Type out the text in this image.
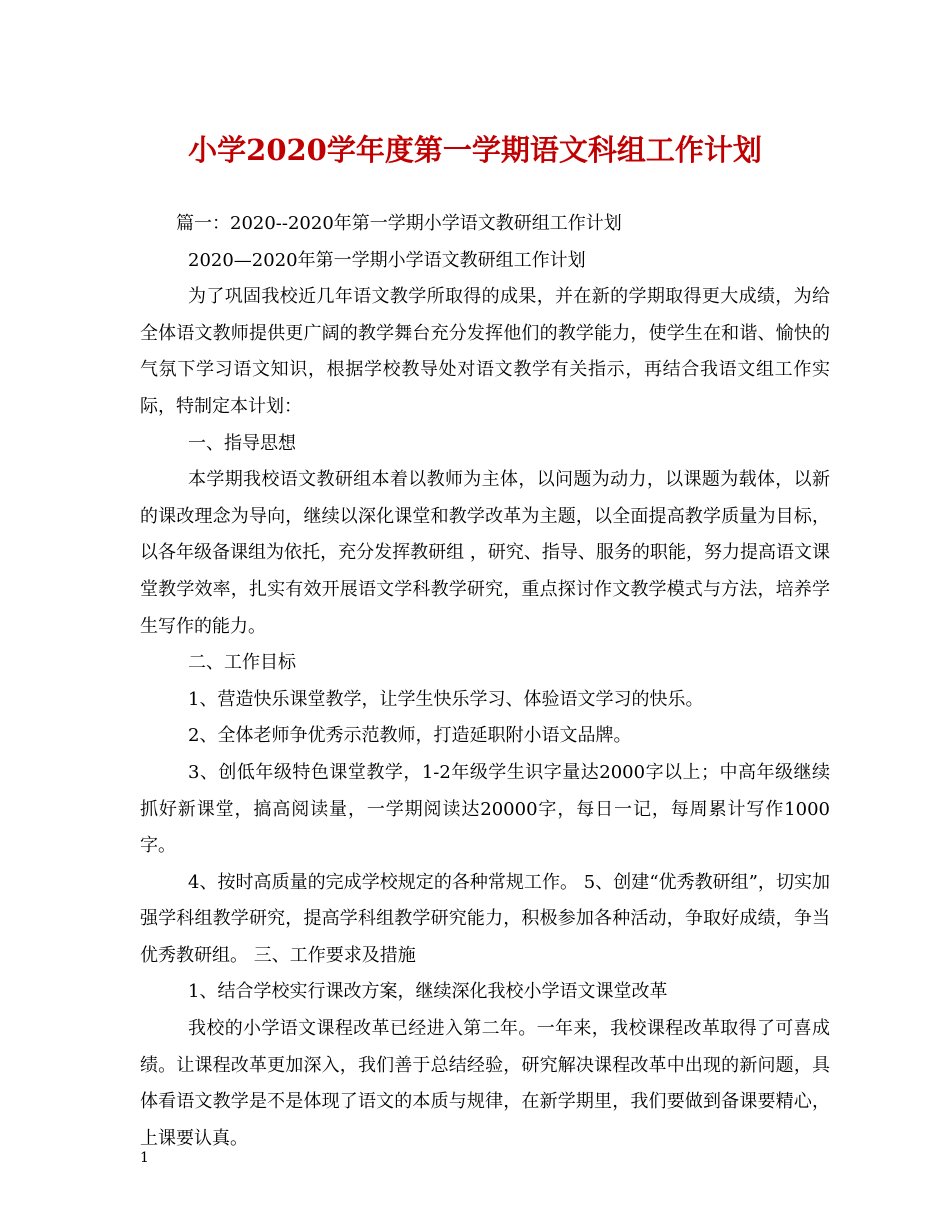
小学2020学年度第一学期语文科组工作计划

篇一：2020--2020年第一学期小学语文教研组工作计划

2020—2020年第一学期小学语文教研组工作计划

为了巩固我校近几年语文教学所取得的成果，并在新的学期取得更大成绩，为给全体语文教师提供更广阔的教学舞台充分发挥他们的教学能力，使学生在和谐、愉快的气氛下学习语文知识，根据学校教导处对语文教学有关指示，再结合我语文组工作实际，特制定本计划：

一、指导思想

本学期我校语文教研组本着以教师为主体，以问题为动力，以课题为载体，以新的课改理念为导向，继续以深化课堂和教学改革为主题，以全面提高教学质量为目标，以各年级备课组为依托，充分发挥教研组 ，研究、指导、服务的职能，努力提高语文课堂教学效率，扎实有效开展语文学科教学研究，重点探讨作文教学模式与方法，培养学生写作的能力。

二、工作目标

1、营造快乐课堂教学，让学生快乐学习、体验语文学习的快乐。

2、全体老师争优秀示范教师，打造延职附小语文品牌。

3、创低年级特色课堂教学，1-2年级学生识字量达2000字以上；中高年级继续抓好新课堂，搞高阅读量，一学期阅读达20000字，每日一记，每周累计写作1000字。

4、按时高质量的完成学校规定的各种常规工作。 5、创建“优秀教研组”，切实加强学科组教学研究，提高学科组教学研究能力，积极参加各种活动，争取好成绩，争当优秀教研组。 三、工作要求及措施

1、结合学校实行课改方案，继续深化我校小学语文课堂改革

我校的小学语文课程改革已经进入第二年。一年来，我校课程改革取得了可喜成绩。让课程改革更加深入，我们善于总结经验，研究解决课程改革中出现的新问题，具体看语文教学是不是体现了语文的本质与规律，在新学期里，我们要做到备课要精心，上课要认真。

1
